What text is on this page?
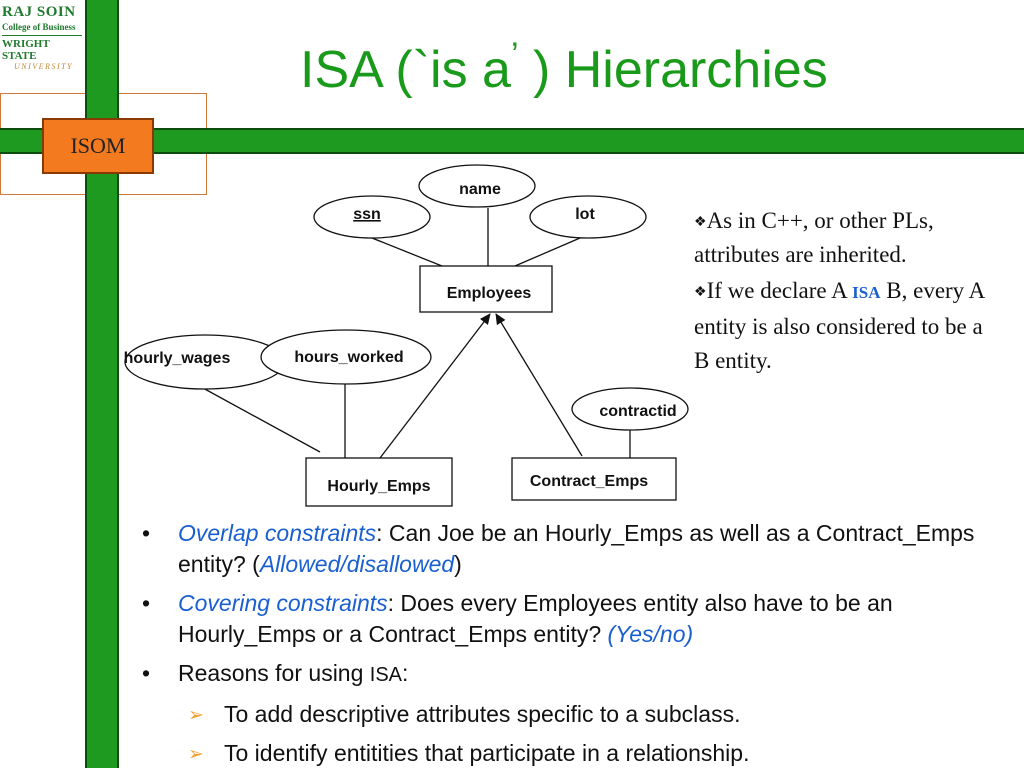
ISOM
RAJ SOIN
College of Business
WRIGHT STATE
UNIVERSITY	ISA (`is a’ ) Hierarchies
name
ssn	lot
Employees
hourly_wages	hours_worked
contractid
Hourly_Emps	Contract_Emps

❖As in C++, or other PLs, attributes are inherited.

❖If we declare A ISA B, every A entity is also considered to be a B entity.

• Overlap constraints: Can Joe be an Hourly_Emps as well as a Contract_Emps entity? (Allowed/disallowed)
• Covering constraints: Does every Employees entity also have to be an Hourly_Emps or a Contract_Emps entity? (Yes/no)
• Reasons for using ISA:
➢ To add descriptive attributes specific to a subclass.
➢ To identify entitities that participate in a relationship.
